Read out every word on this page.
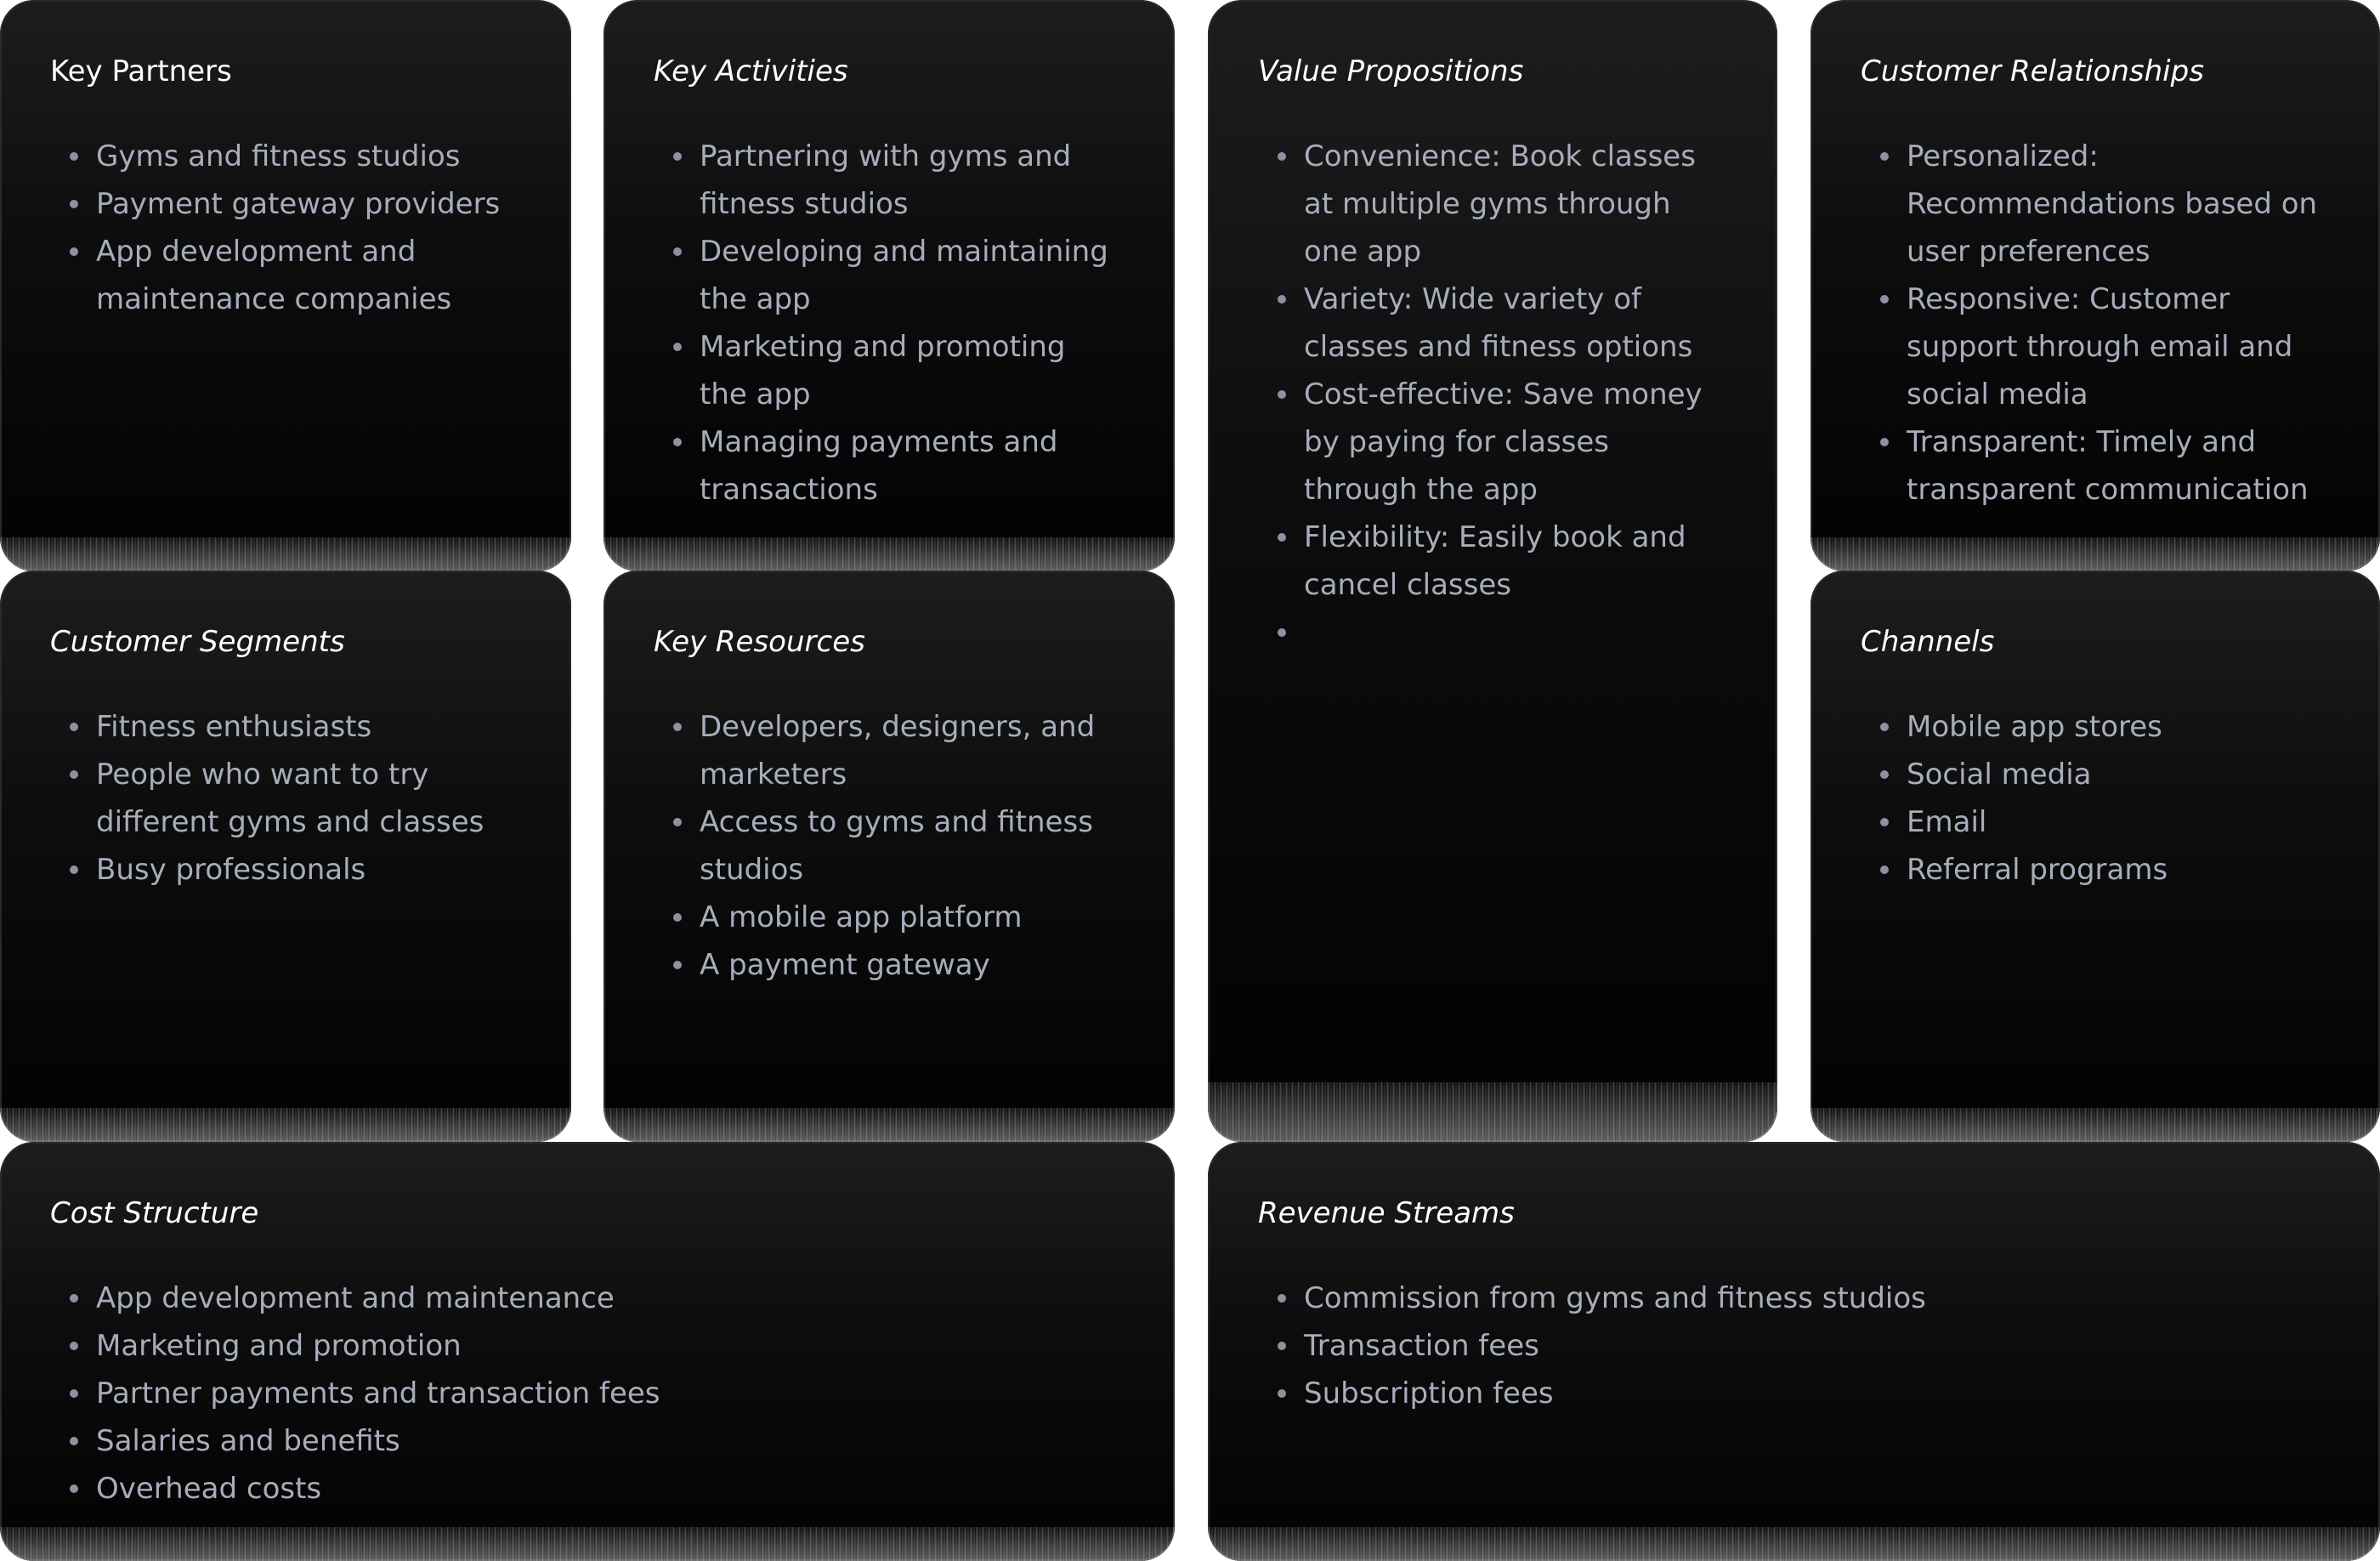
Key Partners
Gyms and fitness studios
Payment gateway providers
App development and maintenance companies
Key Activities
Partnering with gyms and fitness studios
Developing and maintaining the app
Marketing and promoting the app
Managing payments and transactions
Value Propositions
Convenience: Book classes at multiple gyms through one app
Variety: Wide variety of classes and fitness options
Cost-effective: Save money by paying for classes through the app
Flexibility: Easily book and cancel classes

Customer Relationships
Personalized: Recommendations based on user preferences
Responsive: Customer support through email and social media
Transparent: Timely and transparent communication
Customer Segments
Fitness enthusiasts
People who want to try different gyms and classes
Busy professionals
Key Resources
Developers, designers, and marketers
Access to gyms and fitness studios
A mobile app platform
A payment gateway
Channels
Mobile app stores
Social media
Email
Referral programs
Cost Structure
App development and maintenance
Marketing and promotion
Partner payments and transaction fees
Salaries and benefits
Overhead costs
Revenue Streams
Commission from gyms and fitness studios
Transaction fees
Subscription fees
